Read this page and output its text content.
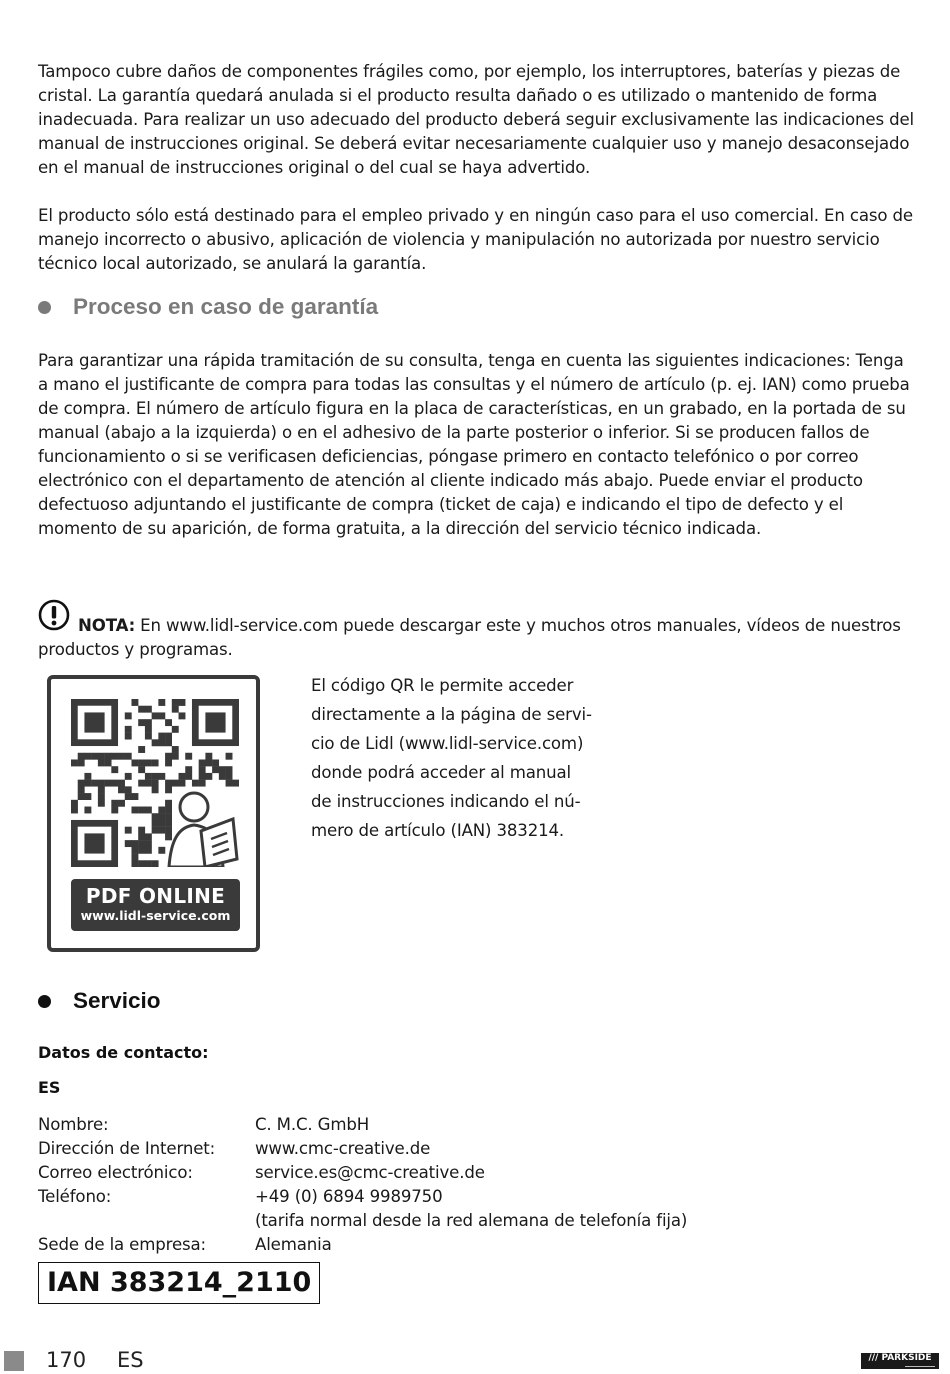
Tampoco cubre daños de componentes frágiles como, por ejemplo, los interruptores, baterías y piezas de cristal. La garantía quedará anulada si el producto resulta dañado o es utilizado o mantenido de forma inadecuada. Para realizar un uso adecuado del producto deberá seguir exclusivamente las indicaciones del manual de instrucciones original. Se deberá evitar necesariamente cualquier uso y manejo desaconsejado en el manual de instrucciones original o del cual se haya advertido.

El producto sólo está destinado para el empleo privado y en ningún caso para el uso comercial. En caso de manejo incorrecto o abusivo, aplicación de violencia y manipulación no autorizada por nuestro servicio técnico local autorizado, se anulará la garantía.

Proceso en caso de garantía

Para garantizar una rápida tramitación de su consulta, tenga en cuenta las siguientes indicaciones: Tenga a mano el justificante de compra para todas las consultas y el número de artículo (p. ej. IAN) como prueba de compra. El número de artículo figura en la placa de características, en un grabado, en la portada de su manual (abajo a la izquierda) o en el adhesivo de la parte posterior o inferior. Si se producen fallos de funcionamiento o si se verificasen deficiencias, póngase primero en contacto telefónico o por correo electrónico con el departamento de atención al cliente indicado más abajo. Puede enviar el producto defectuoso adjuntando el justificante de compra (ticket de caja) e indicando el tipo de defecto y el momento de su aparición, de forma gratuita, a la dirección del servicio técnico indicada.

NOTA: En www.lidl-service.com puede descargar este y muchos otros manuales, vídeos de nuestros productos y programas.
PDF ONLINE
www.lidl-service.com
El código QR le permite acceder
directamente a la página de servi-
cio de Lidl (www.lidl-service.com)
donde podrá acceder al manual
de instrucciones indicando el nú-
mero de artículo (IAN) 383214.
Servicio
Datos de contacto:
ES
Nombre:	C. M.C. GmbH
Dirección de Internet:	www.cmc-creative.de
Correo electrónico:	service.es@cmc-creative.de
Teléfono:	+49 (0) 6894 9989750
(tarifa normal desde la red alemana de telefonía fija)
Sede de la empresa:	Alemania
IAN 383214_2110
170 ES	/// PARKSIDE
